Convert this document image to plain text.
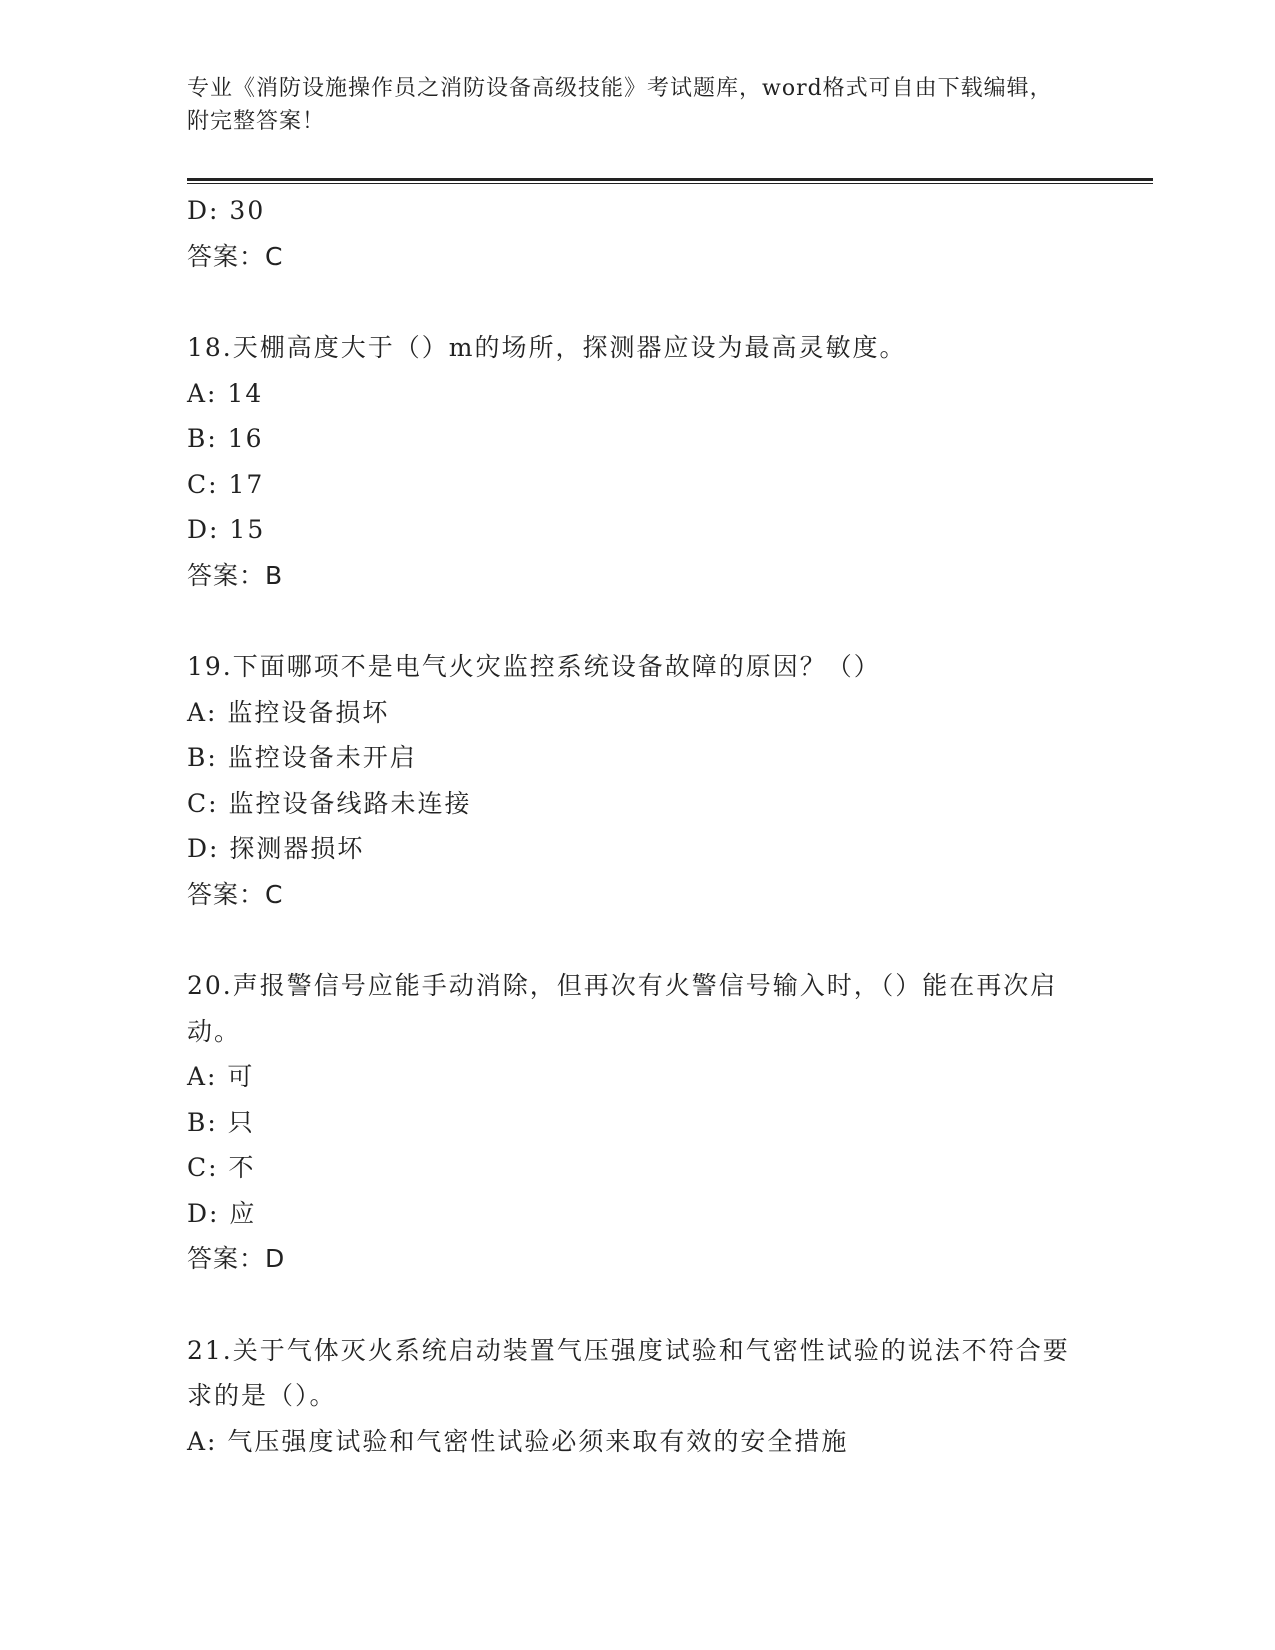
专业《消防设施操作员之消防设备高级技能》考试题库，word格式可自由下载编辑，附完整答案！
D: 30
答案：C
18.天棚高度大于（）m的场所，探测器应设为最高灵敏度。
A: 14
B: 16
C: 17
D: 15
答案：B
19.下面哪项不是电气火灾监控系统设备故障的原因？（）
A: 监控设备损坏
B: 监控设备未开启
C: 监控设备线路未连接
D: 探测器损坏
答案：C
20.声报警信号应能手动消除，但再次有火警信号输入时，（）能在再次启动。
A: 可
B: 只
C: 不
D: 应
答案：D
21.关于气体灭火系统启动装置气压强度试验和气密性试验的说法不符合要求的是（）。
A: 气压强度试验和气密性试验必须来取有效的安全措施
